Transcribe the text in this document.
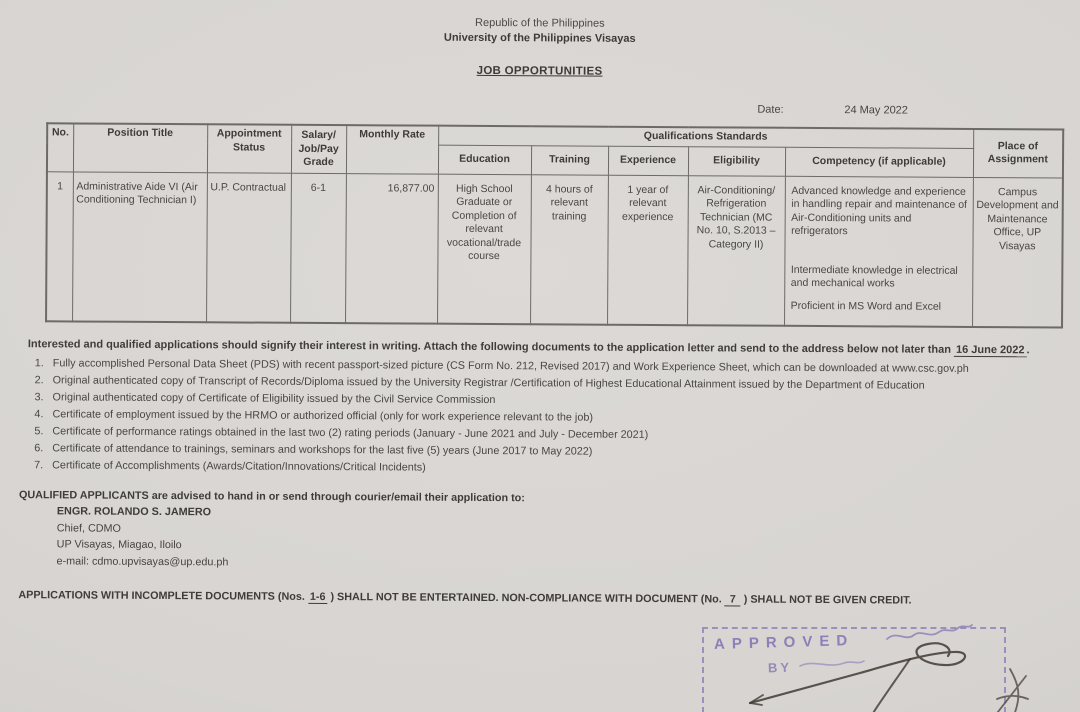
Republic of the Philippines
University of the Philippines Visayas
JOB OPPORTUNITIES
Date:	24 May 2022
No.	Position Title	Appointment Status	Salary/ Job/Pay Grade	Monthly Rate	Qualifications Standards					Place of Assignment
					Education	Training	Experience	Eligibility	Competency (if applicable)	
1	Administrative Aide VI (Air Conditioning Technician I)	U.P. Contractual	6-1	16,877.00	High School Graduate or Completion of relevant vocational/trade course	4 hours of relevant training	1 year of relevant experience	Air-Conditioning/ Refrigeration Technician (MC No. 10, S.2013 – Category II)	Advanced knowledge and experience in handling repair and maintenance of Air-Conditioning units and refrigerators

Intermediate knowledge in electrical and mechanical works

Proficient in MS Word and Excel	Campus Development and Maintenance Office, UP Visayas
Interested and qualified applications should signify their interest in writing. Attach the following documents to the application letter and send to the address below not later than 16 June 2022 .
1. Fully accomplished Personal Data Sheet (PDS) with recent passport-sized picture (CS Form No. 212, Revised 2017) and Work Experience Sheet, which can be downloaded at www.csc.gov.ph
2. Original authenticated copy of Transcript of Records/Diploma issued by the University Registrar /Certification of Highest Educational Attainment issued by the Department of Education
3. Original authenticated copy of Certificate of Eligibility issued by the Civil Service Commission
4. Certificate of employment issued by the HRMO or authorized official (only for work experience relevant to the job)
5. Certificate of performance ratings obtained in the last two (2) rating periods (January - June 2021 and July - December 2021)
6. Certificate of attendance to trainings, seminars and workshops for the last five (5) years (June 2017 to May 2022)
7. Certificate of Accomplishments (Awards/Citation/Innovations/Critical Incidents)
QUALIFIED APPLICANTS are advised to hand in or send through courier/email their application to:
ENGR. ROLANDO S. JAMERO
Chief, CDMO
UP Visayas, Miagao, Iloilo
e-mail: cdmo.upvisayas@up.edu.ph
APPLICATIONS WITH INCOMPLETE DOCUMENTS (Nos. 1-6 ) SHALL NOT BE ENTERTAINED. NON-COMPLIANCE WITH DOCUMENT (No. 7 ) SHALL NOT BE GIVEN CREDIT.
APPROVED
BY
